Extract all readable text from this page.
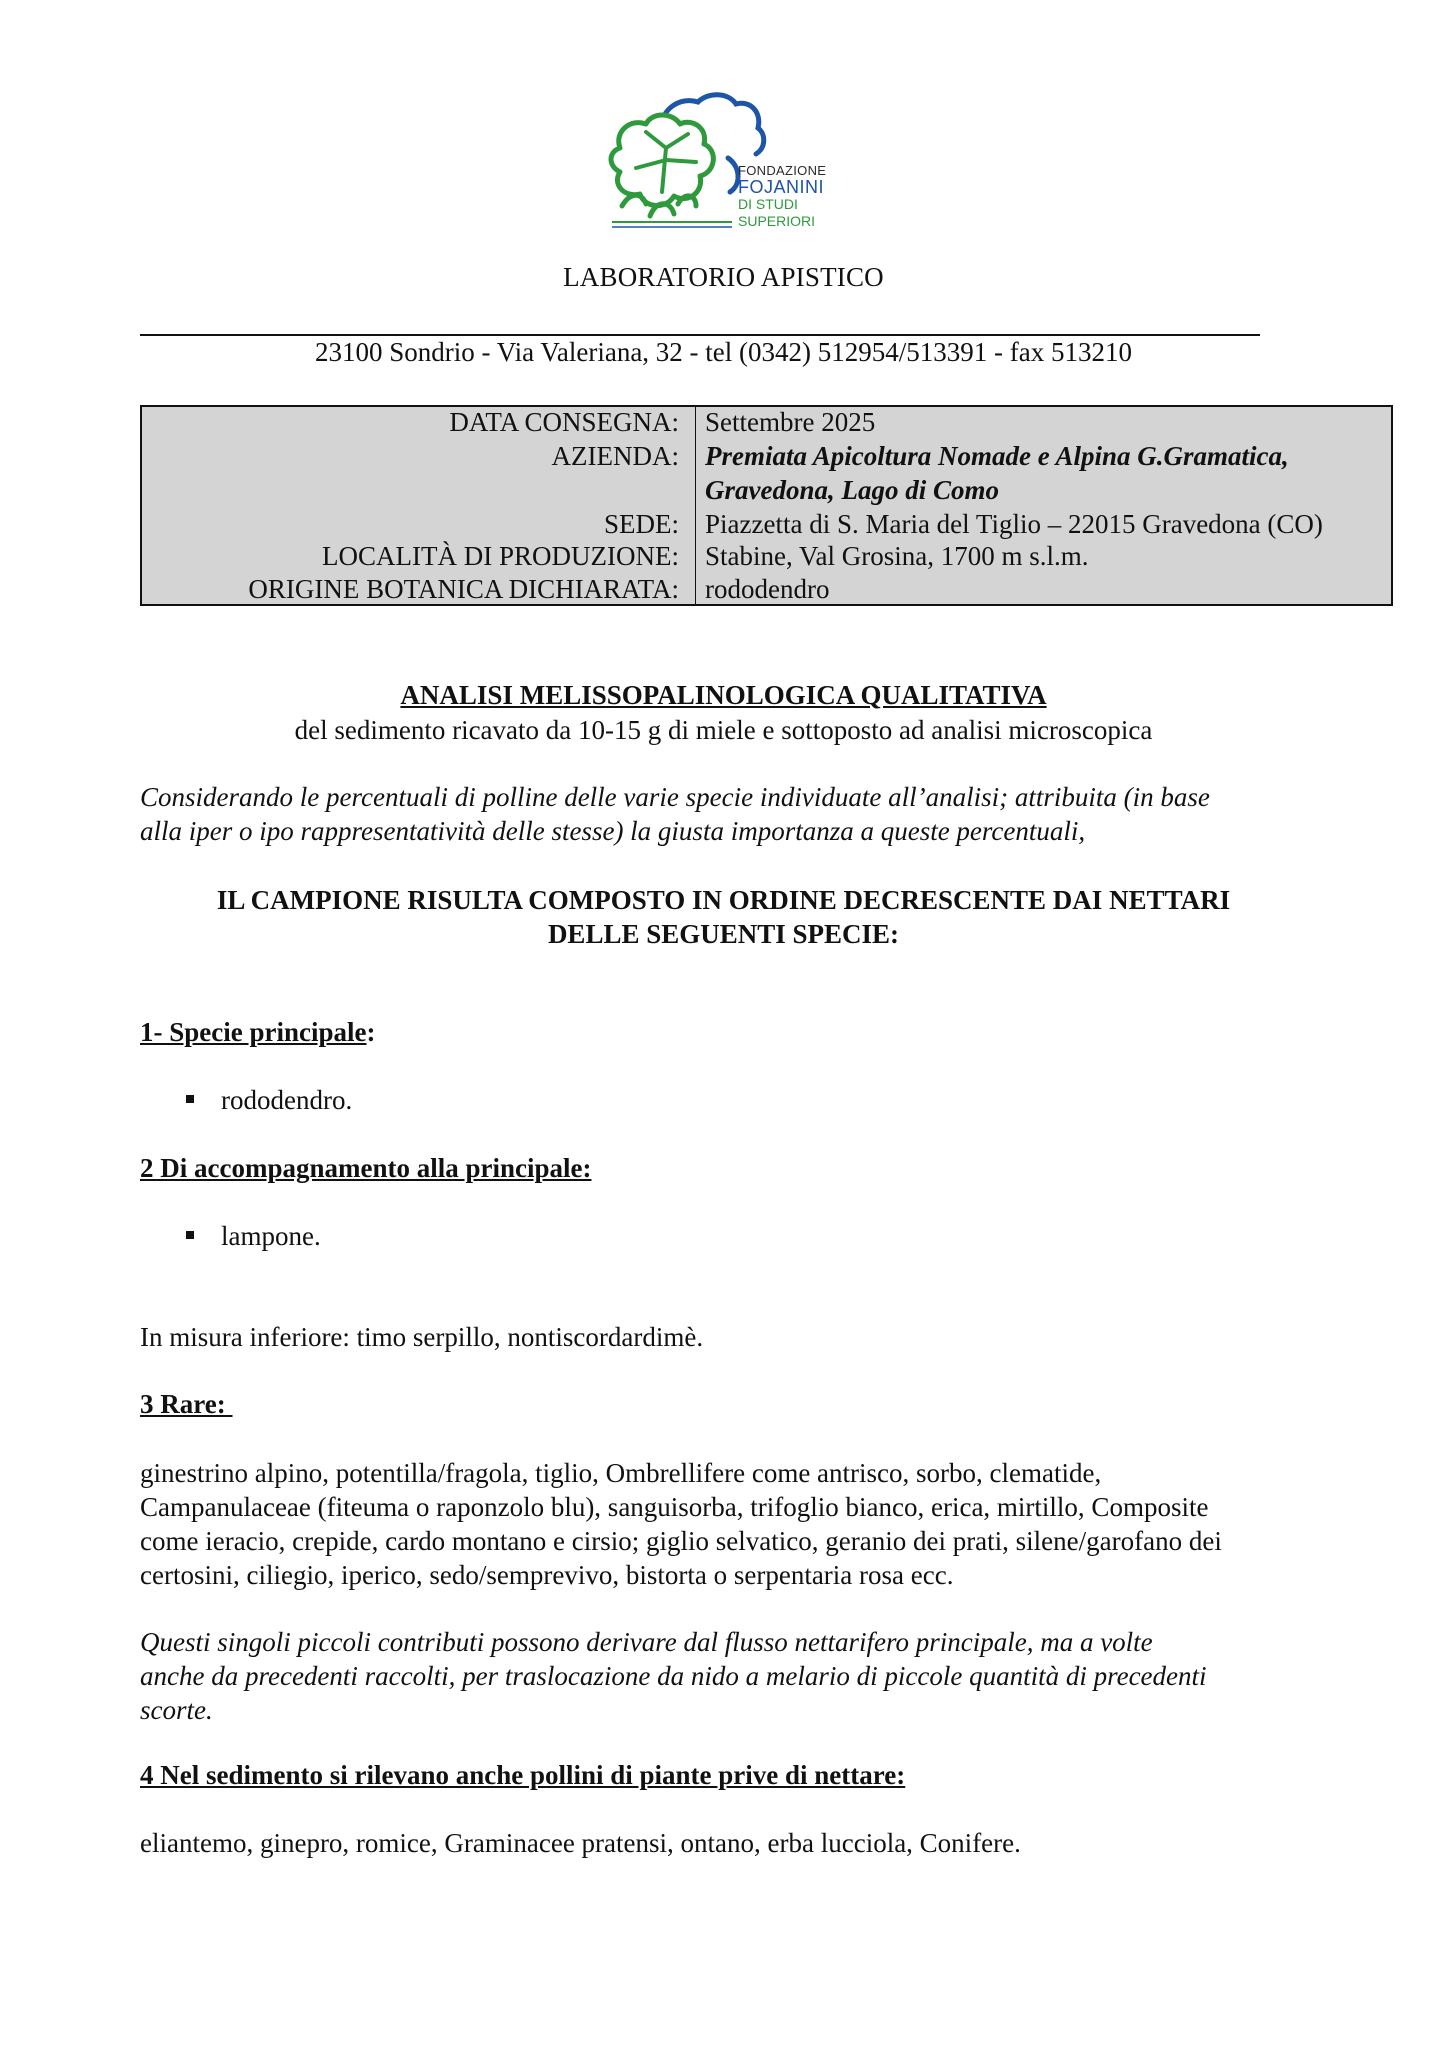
FONDAZIONE
FOJANINI
DI STUDI
SUPERIORI
LABORATORIO APISTICO
23100 Sondrio - Via Valeriana, 32 - tel (0342) 512954/513391 - fax 513210
DATA CONSEGNA: Settembre 2025
AZIENDA: Premiata Apicoltura Nomade e Alpina G.Gramatica,
Gravedona, Lago di Como
SEDE: Piazzetta di S. Maria del Tiglio – 22015 Gravedona (CO)
LOCALITÀ DI PRODUZIONE: Stabine, Val Grosina, 1700 m s.l.m.
ORIGINE BOTANICA DICHIARATA: rododendro
ANALISI MELISSOPALINOLOGICA QUALITATIVA
del sedimento ricavato da 10-15 g di miele e sottoposto ad analisi microscopica
Considerando le percentuali di polline delle varie specie individuate all’analisi; attribuita (in base
alla iper o ipo rappresentatività delle stesse) la giusta importanza a queste percentuali,
IL CAMPIONE RISULTA COMPOSTO IN ORDINE DECRESCENTE DAI NETTARI
DELLE SEGUENTI SPECIE:
1- Specie principale:
rododendro.
2 Di accompagnamento alla principale:
lampone.
In misura inferiore: timo serpillo, nontiscordardimè.
3 Rare:
ginestrino alpino, potentilla/fragola, tiglio, Ombrellifere come antrisco, sorbo, clematide,
Campanulaceae (fiteuma o raponzolo blu), sanguisorba, trifoglio bianco, erica, mirtillo, Composite
come ieracio, crepide, cardo montano e cirsio; giglio selvatico, geranio dei prati, silene/garofano dei
certosini, ciliegio, iperico, sedo/semprevivo, bistorta o serpentaria rosa ecc.
Questi singoli piccoli contributi possono derivare dal flusso nettarifero principale, ma a volte
anche da precedenti raccolti, per traslocazione da nido a melario di piccole quantità di precedenti
scorte.
4 Nel sedimento si rilevano anche pollini di piante prive di nettare:
eliantemo, ginepro, romice, Graminacee pratensi, ontano, erba lucciola, Conifere.
